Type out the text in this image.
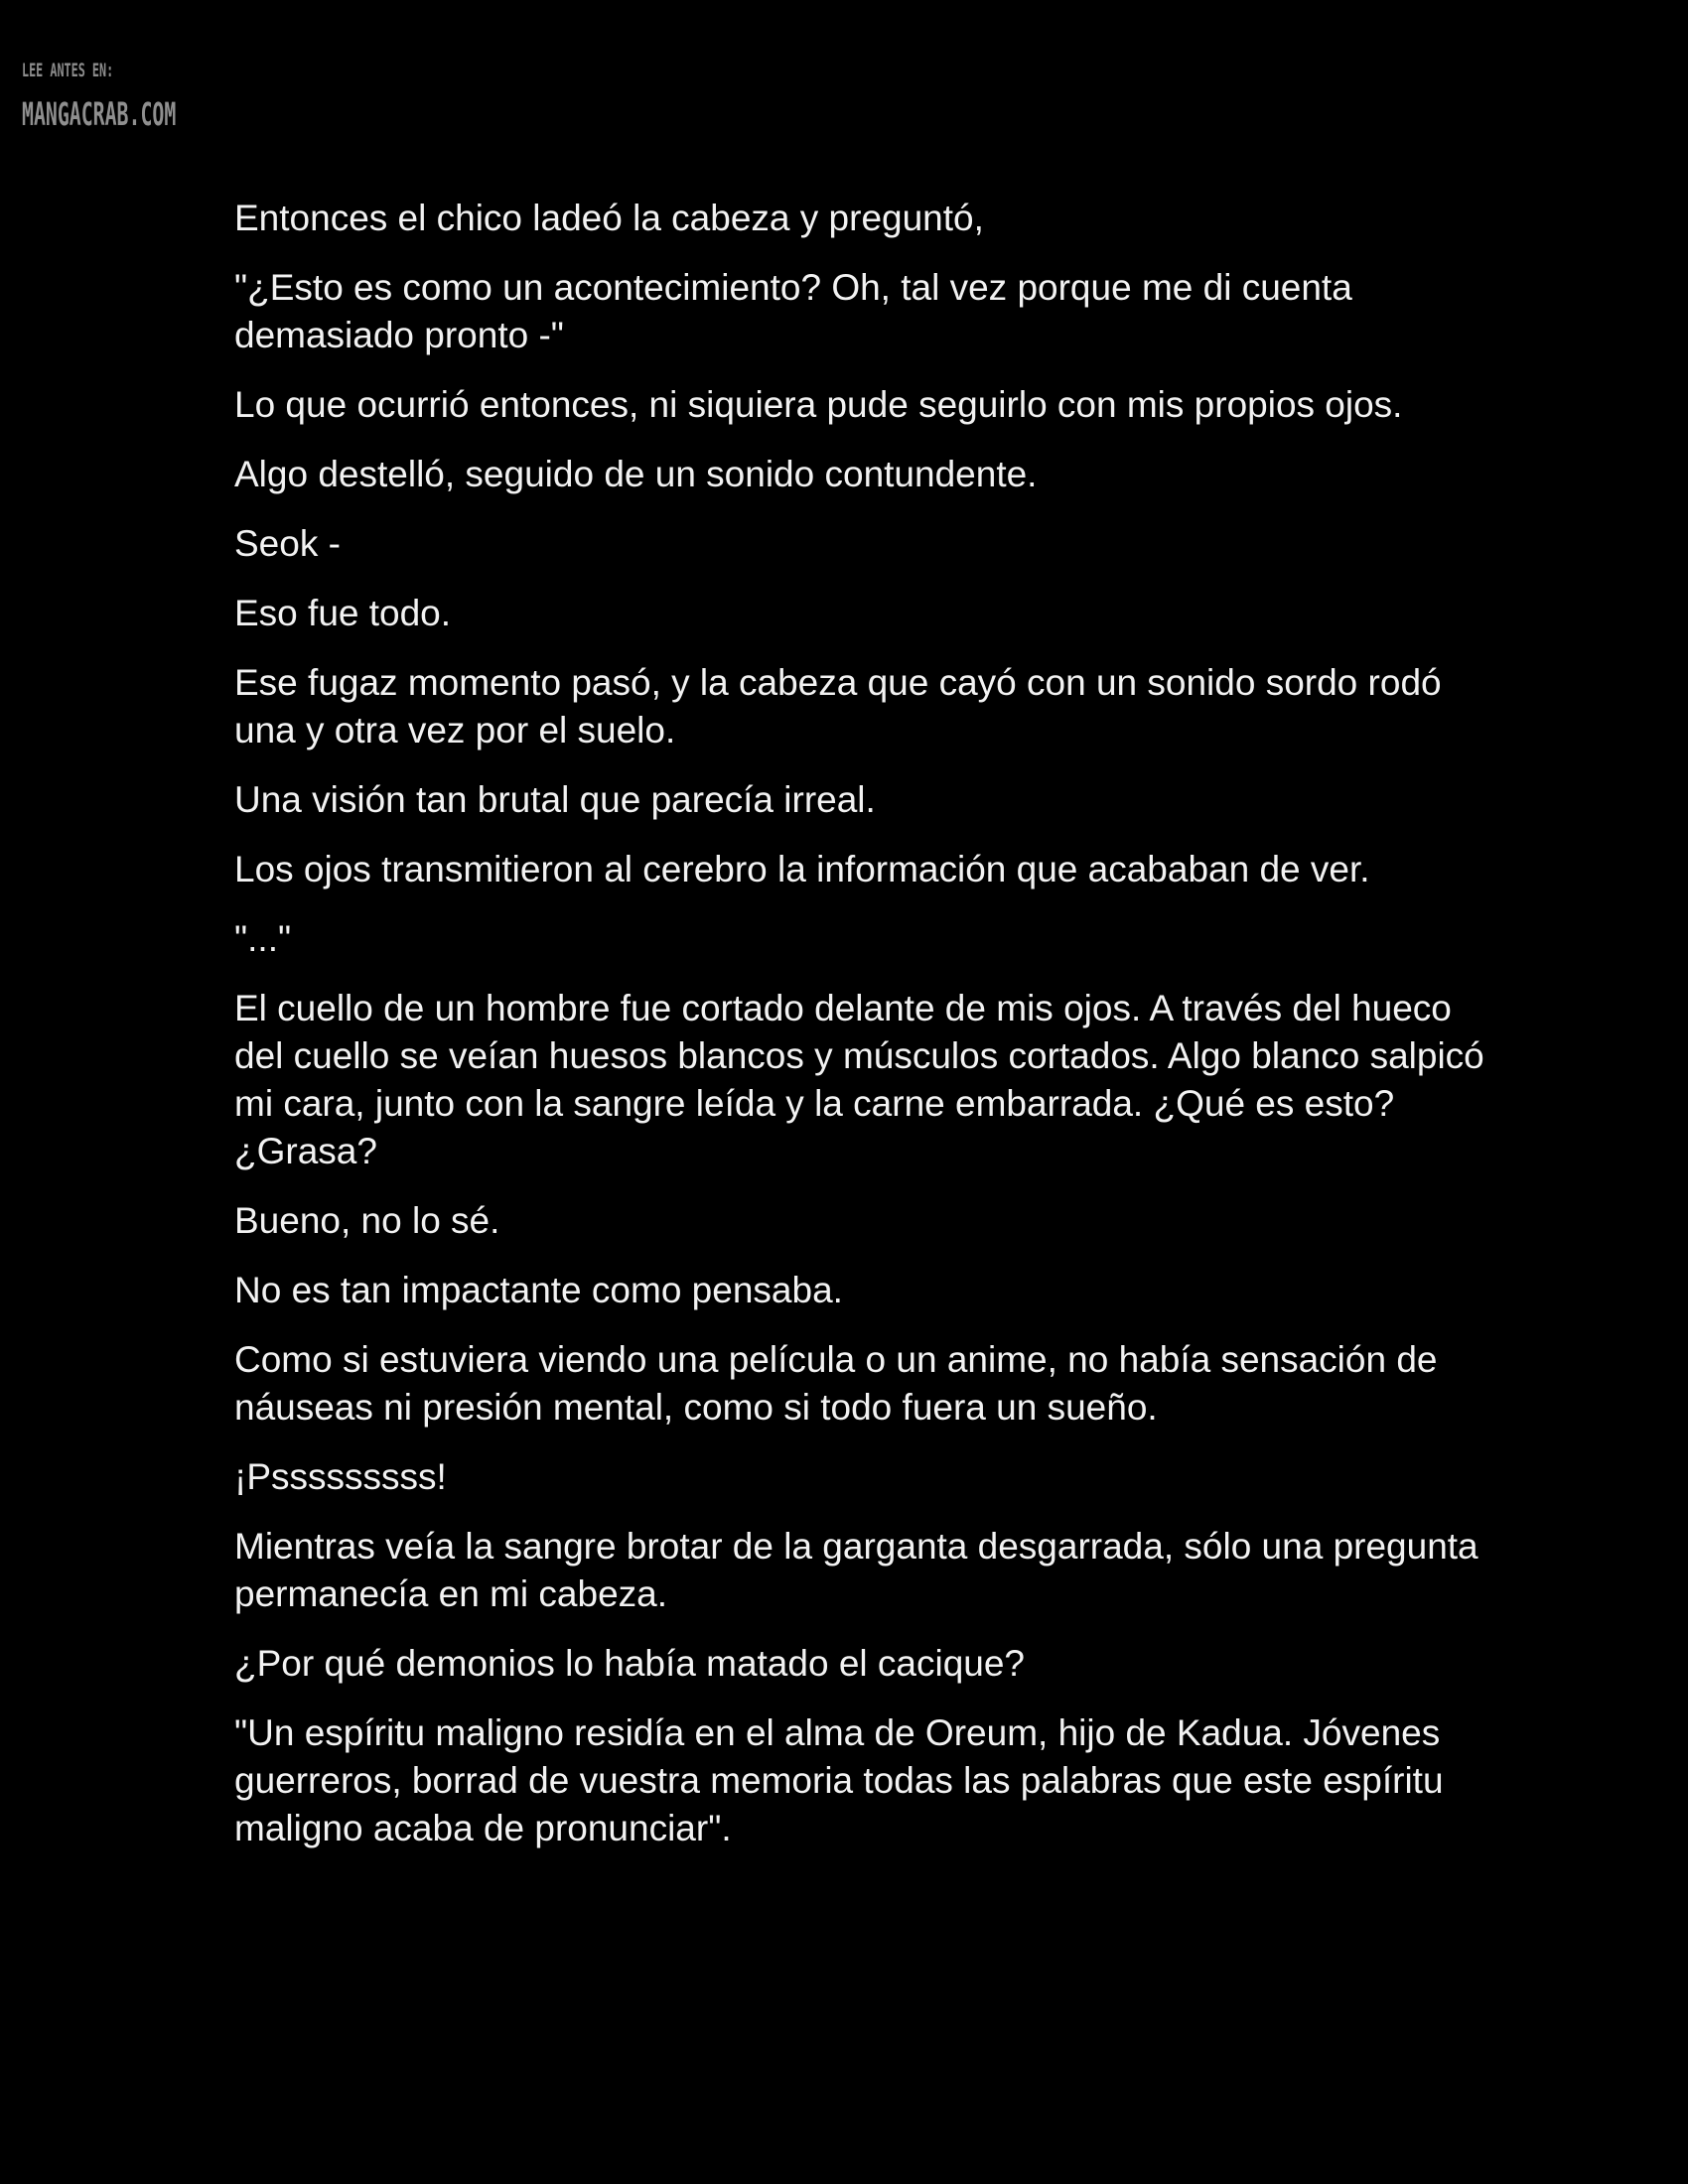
LEE ANTES EN:
MANGACRAB.COM

Entonces el chico ladeó la cabeza y preguntó,

"¿Esto es como un acontecimiento? Oh, tal vez porque me di cuenta demasiado pronto -"

Lo que ocurrió entonces, ni siquiera pude seguirlo con mis propios ojos.

Algo destelló, seguido de un sonido contundente.

Seok -

Eso fue todo.

Ese fugaz momento pasó, y la cabeza que cayó con un sonido sordo rodó una y otra vez por el suelo.

Una visión tan brutal que parecía irreal.

Los ojos transmitieron al cerebro la información que acababan de ver.

"..."

El cuello de un hombre fue cortado delante de mis ojos. A través del hueco del cuello se veían huesos blancos y músculos cortados. Algo blanco salpicó mi cara, junto con la sangre leída y la carne embarrada. ¿Qué es esto? ¿Grasa?

Bueno, no lo sé.

No es tan impactante como pensaba.

Como si estuviera viendo una película o un anime, no había sensación de náuseas ni presión mental, como si todo fuera un sueño.

¡Psssssssss!

Mientras veía la sangre brotar de la garganta desgarrada, sólo una pregunta permanecía en mi cabeza.

¿Por qué demonios lo había matado el cacique?

"Un espíritu maligno residía en el alma de Oreum, hijo de Kadua. Jóvenes guerreros, borrad de vuestra memoria todas las palabras que este espíritu maligno acaba de pronunciar".
